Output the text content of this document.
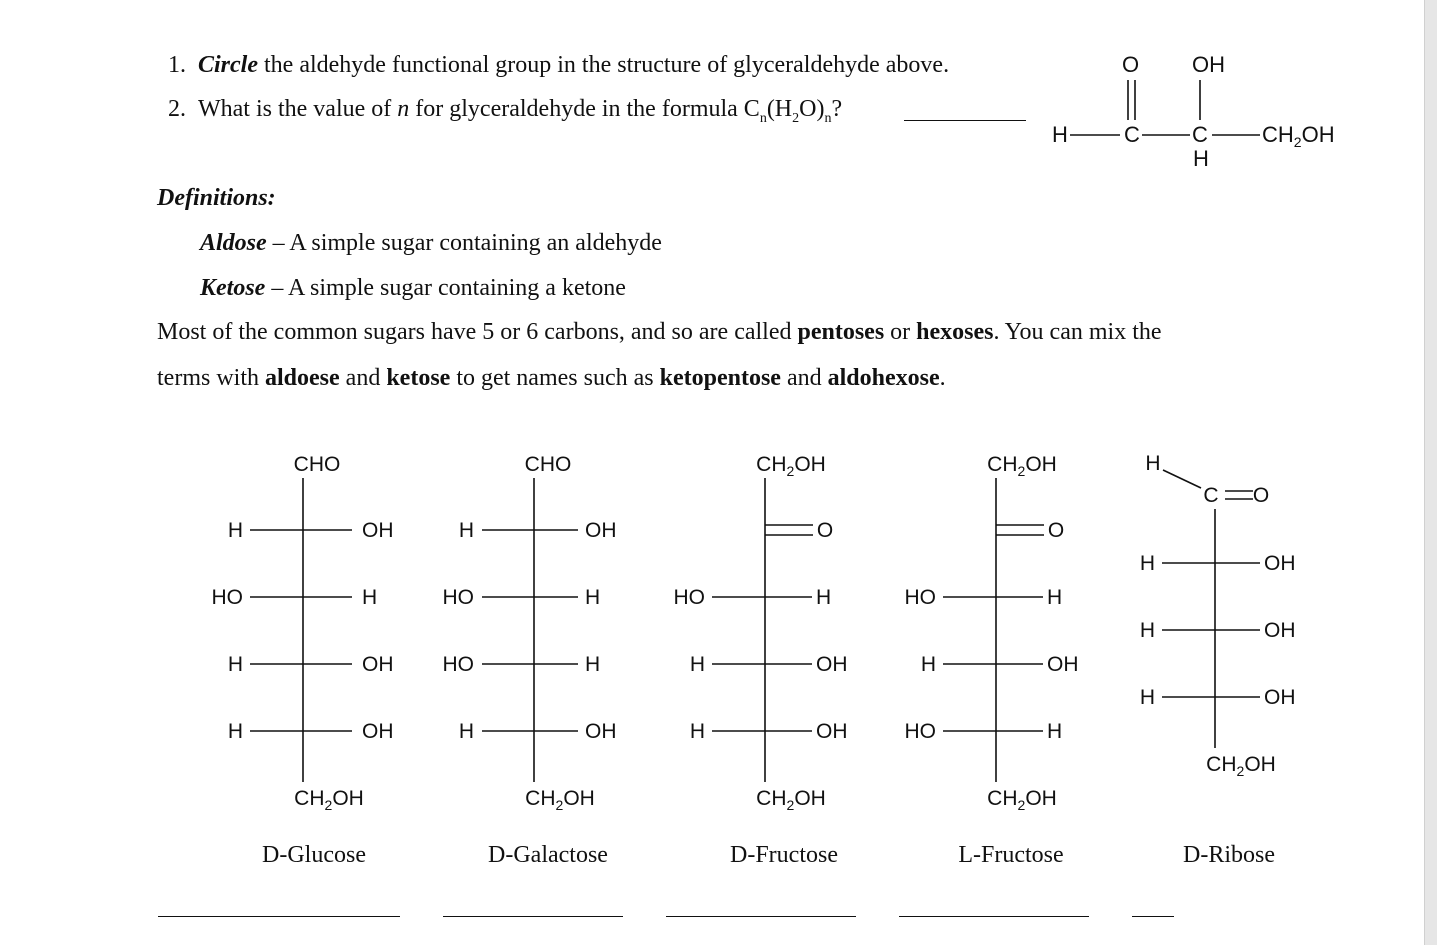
1. Circle the aldehyde functional group in the structure of glyceraldehyde above.
2. What is the value of n for glyceraldehyde in the formula $C_n(H_2O)_n$?
H	C
O
C
OH
H
$CH_2OH$
Definitions:
Aldose – A simple sugar containing an aldehyde
Ketose – A simple sugar containing a ketone
Most of the common sugars have 5 or 6 carbons, and so are called pentoses or hexoses. You can mix the
terms with aldoese and ketose to get names such as ketopentose and aldohexose.
CHO
H	OH
HO	H
H	OH
H	OH
$CH_2OH$
CHO
H	OH
HO	H
HO	H
H	OH
$CH_2OH$
$CH_2OH$
O
HO	H
H	OH
H	OH
$CH_2OH$
$CH_2OH$
O
HO	H
H	OH
HO	H
$CH_2OH$
H
C O
H	OH
H	OH
H	OH
$CH_2OH$
D-Glucose	D-Galactose	D-Fructose	L-Fructose	D-Ribose
